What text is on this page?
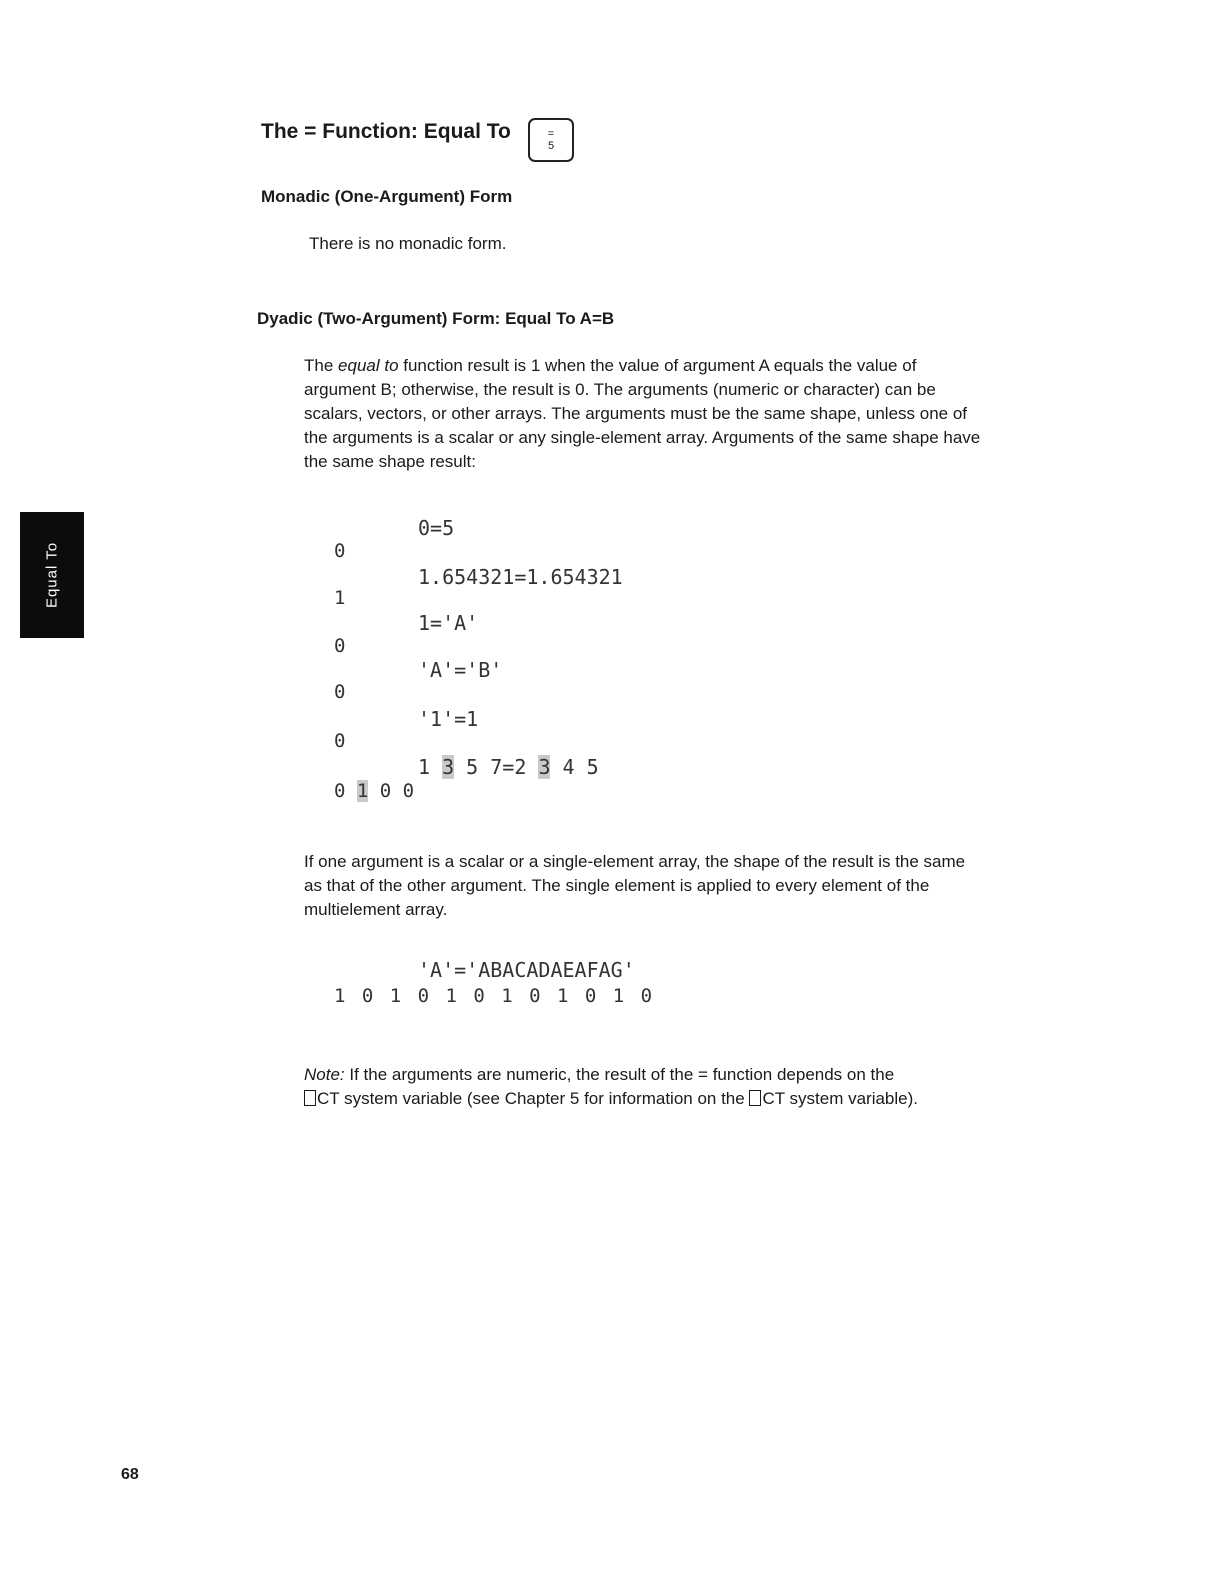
The = Function: Equal To	=
5
Monadic (One-Argument) Form
There is no monadic form.
Dyadic (Two-Argument) Form: Equal To A=B
The equal to function result is 1 when the value of argument A equals the value of argument B; otherwise, the result is 0. The arguments (numeric or character) can be scalars, vectors, or other arrays. The arguments must be the same shape, unless one of the arguments is a scalar or any single-element array. Arguments of the same shape have the same shape result:
0=5
0
1.654321=1.654321
1
1='A'
0
'A'='B'
0
'1'=1
0
1 3 5 7=2 3 4 5
0 1 0 0
If one argument is a scalar or a single-element array, the shape of the result is the same as that of the other argument. The single element is applied to every element of the multielement array.
'A'='ABACADAEAFAG'
1 0 1 0 1 0 1 0 1 0 1 0
Note: If the arguments are numeric, the result of the = function depends on the
CT system variable (see Chapter 5 for information on the CT system variable).
Equal To
68
